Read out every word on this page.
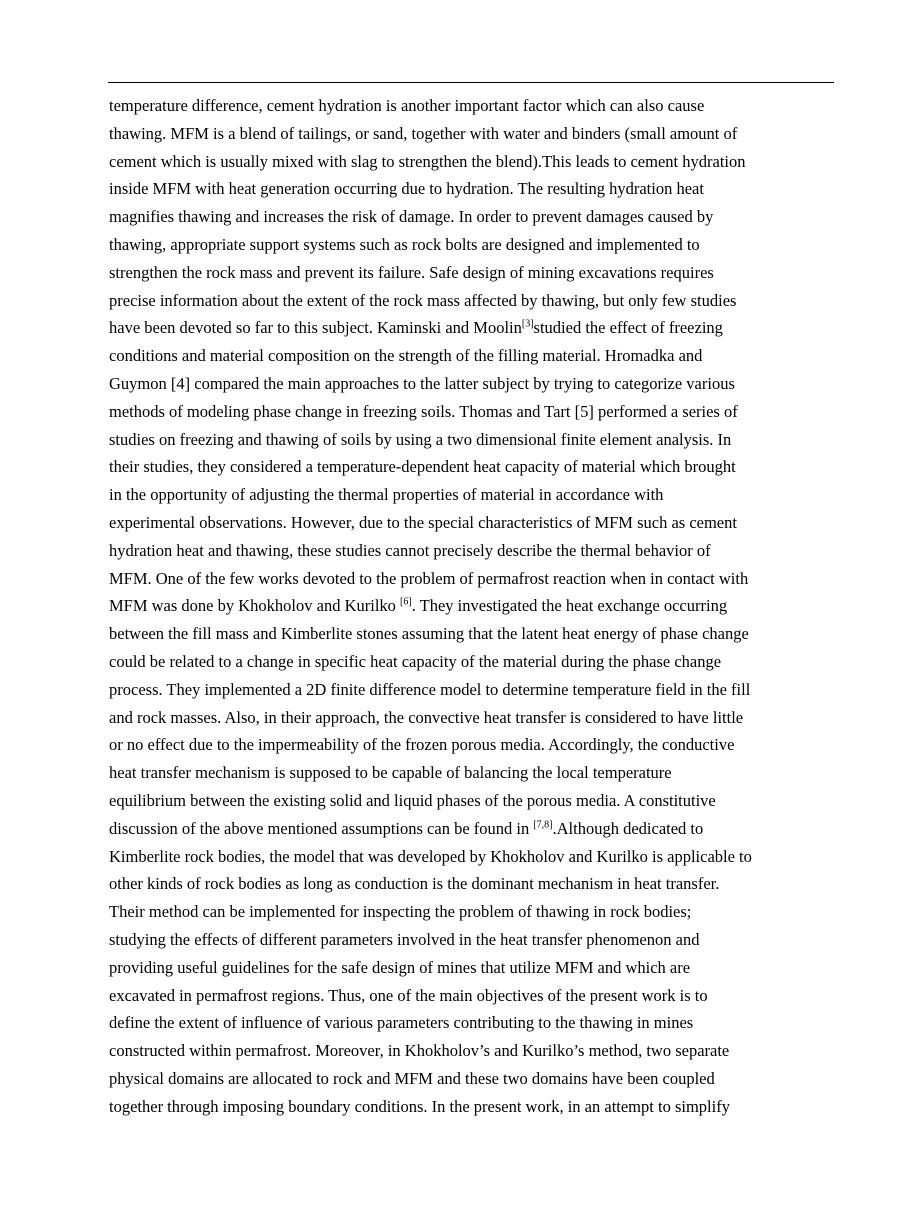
temperature difference, cement hydration is another important factor which can also cause
thawing. MFM is a blend of tailings, or sand, together with water and binders (small amount of
cement which is usually mixed with slag to strengthen the blend).This leads to cement hydration
inside MFM with heat generation occurring due to hydration. The resulting hydration heat
magnifies thawing and increases the risk of damage. In order to prevent damages caused by
thawing, appropriate support systems such as rock bolts are designed and implemented to
strengthen the rock mass and prevent its failure. Safe design of mining excavations requires
precise information about the extent of the rock mass affected by thawing, but only few studies
have been devoted so far to this subject. Kaminski and Moolin[3]studied the effect of freezing
conditions and material composition on the strength of the filling material. Hromadka and
Guymon [4] compared the main approaches to the latter subject by trying to categorize various
methods of modeling phase change in freezing soils. Thomas and Tart [5] performed a series of
studies on freezing and thawing of soils by using a two dimensional finite element analysis. In
their studies, they considered a temperature-dependent heat capacity of material which brought
in the opportunity of adjusting the thermal properties of material in accordance with
experimental observations. However, due to the special characteristics of MFM such as cement
hydration heat and thawing, these studies cannot precisely describe the thermal behavior of
MFM. One of the few works devoted to the problem of permafrost reaction when in contact with
MFM was done by Khokholov and Kurilko [6]. They investigated the heat exchange occurring
between the fill mass and Kimberlite stones assuming that the latent heat energy of phase change
could be related to a change in specific heat capacity of the material during the phase change
process. They implemented a 2D finite difference model to determine temperature field in the fill
and rock masses. Also, in their approach, the convective heat transfer is considered to have little
or no effect due to the impermeability of the frozen porous media. Accordingly, the conductive
heat transfer mechanism is supposed to be capable of balancing the local temperature
equilibrium between the existing solid and liquid phases of the porous media. A constitutive
discussion of the above mentioned assumptions can be found in [7,8].Although dedicated to
Kimberlite rock bodies, the model that was developed by Khokholov and Kurilko is applicable to
other kinds of rock bodies as long as conduction is the dominant mechanism in heat transfer.
Their method can be implemented for inspecting the problem of thawing in rock bodies;
studying the effects of different parameters involved in the heat transfer phenomenon and
providing useful guidelines for the safe design of mines that utilize MFM and which are
excavated in permafrost regions. Thus, one of the main objectives of the present work is to
define the extent of influence of various parameters contributing to the thawing in mines
constructed within permafrost. Moreover, in Khokholov’s and Kurilko’s method, two separate
physical domains are allocated to rock and MFM and these two domains have been coupled
together through imposing boundary conditions. In the present work, in an attempt to simplify
